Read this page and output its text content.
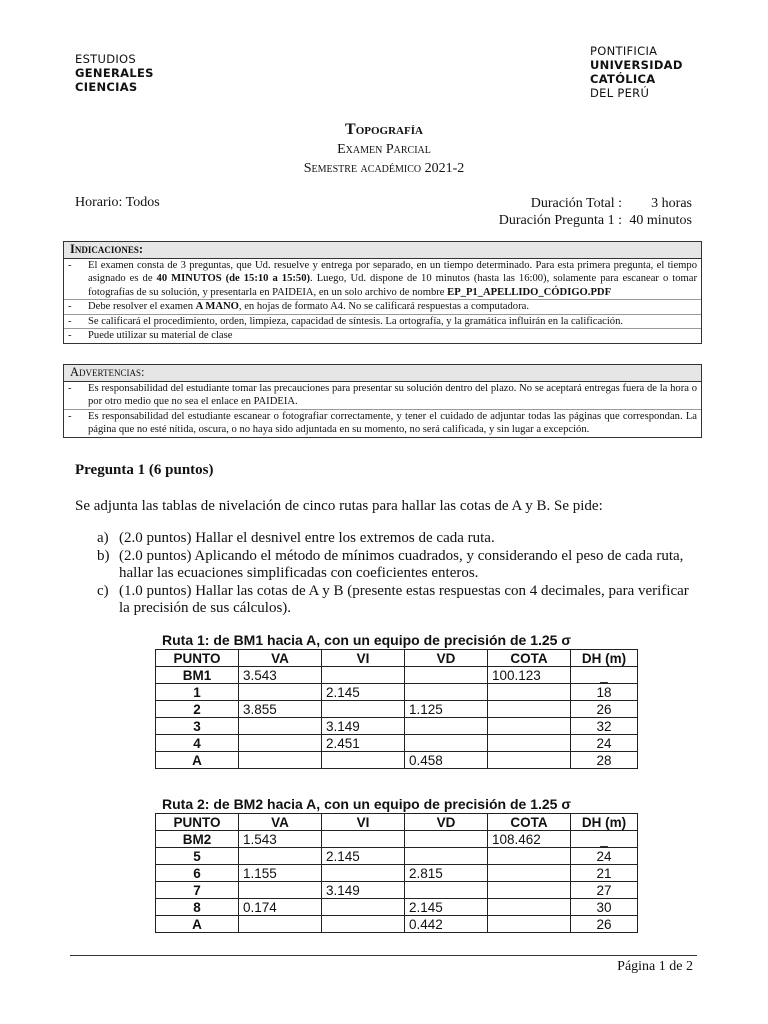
ESTUDIOS
GENERALES
CIENCIAS
PONTIFICIA
UNIVERSIDAD
CATÓLICA
DEL PERÚ
Topografía
Examen Parcial
Semestre académico 2021-2
Horario: Todos	Duración Total :	3 horas
Duración Pregunta 1 : 40 minutos
Indicaciones:
-	El examen consta de 3 preguntas, que Ud. resuelve y entrega por separado, en un tiempo determinado. Para esta primera pregunta, el tiempo asignado es de 40 MINUTOS (de 15:10 a 15:50). Luego, Ud. dispone de 10 minutos (hasta las 16:00), solamente para escanear o tomar fotografías de su solución, y presentarla en PAIDEIA, en un solo archivo de nombre EP_P1_APELLIDO_CÓDIGO.PDF
-	Debe resolver el examen A MANO, en hojas de formato A4. No se calificará respuestas a computadora.
-	Se calificará el procedimiento, orden, limpieza, capacidad de síntesis. La ortografía, y la gramática influirán en la calificación.
-	Puede utilizar su material de clase
Advertencias:
-	Es responsabilidad del estudiante tomar las precauciones para presentar su solución dentro del plazo. No se aceptará entregas fuera de la hora o por otro medio que no sea el enlace en PAIDEIA.
-	Es responsabilidad del estudiante escanear o fotografiar correctamente, y tener el cuidado de adjuntar todas las páginas que correspondan. La página que no esté nítida, oscura, o no haya sido adjuntada en su momento, no será calificada, y sin lugar a excepción.
Pregunta 1 (6 puntos)
Se adjunta las tablas de nivelación de cinco rutas para hallar las cotas de A y B. Se pide:
a) (2.0 puntos) Hallar el desnivel entre los extremos de cada ruta.
b) (2.0 puntos) Aplicando el método de mínimos cuadrados, y considerando el peso de cada ruta, hallar las ecuaciones simplificadas con coeficientes enteros.
c) (1.0 puntos) Hallar las cotas de A y B (presente estas respuestas con 4 decimales, para verificar la precisión de sus cálculos).
Ruta 1: de BM1 hacia A, con un equipo de precisión de 1.25 σ
PUNTO	VA	VI	VD	COTA	DH (m)
BM1	3.543			100.123	_
1		2.145			18
2	3.855		1.125		26
3		3.149			32
4		2.451			24
A			0.458		28
Ruta 2: de BM2 hacia A, con un equipo de precisión de 1.25 σ
PUNTO	VA	VI	VD	COTA	DH (m)
BM2	1.543			108.462	_
5		2.145			24
6	1.155		2.815		21
7		3.149			27
8	0.174		2.145		30
A			0.442		26
Página 1 de 2
